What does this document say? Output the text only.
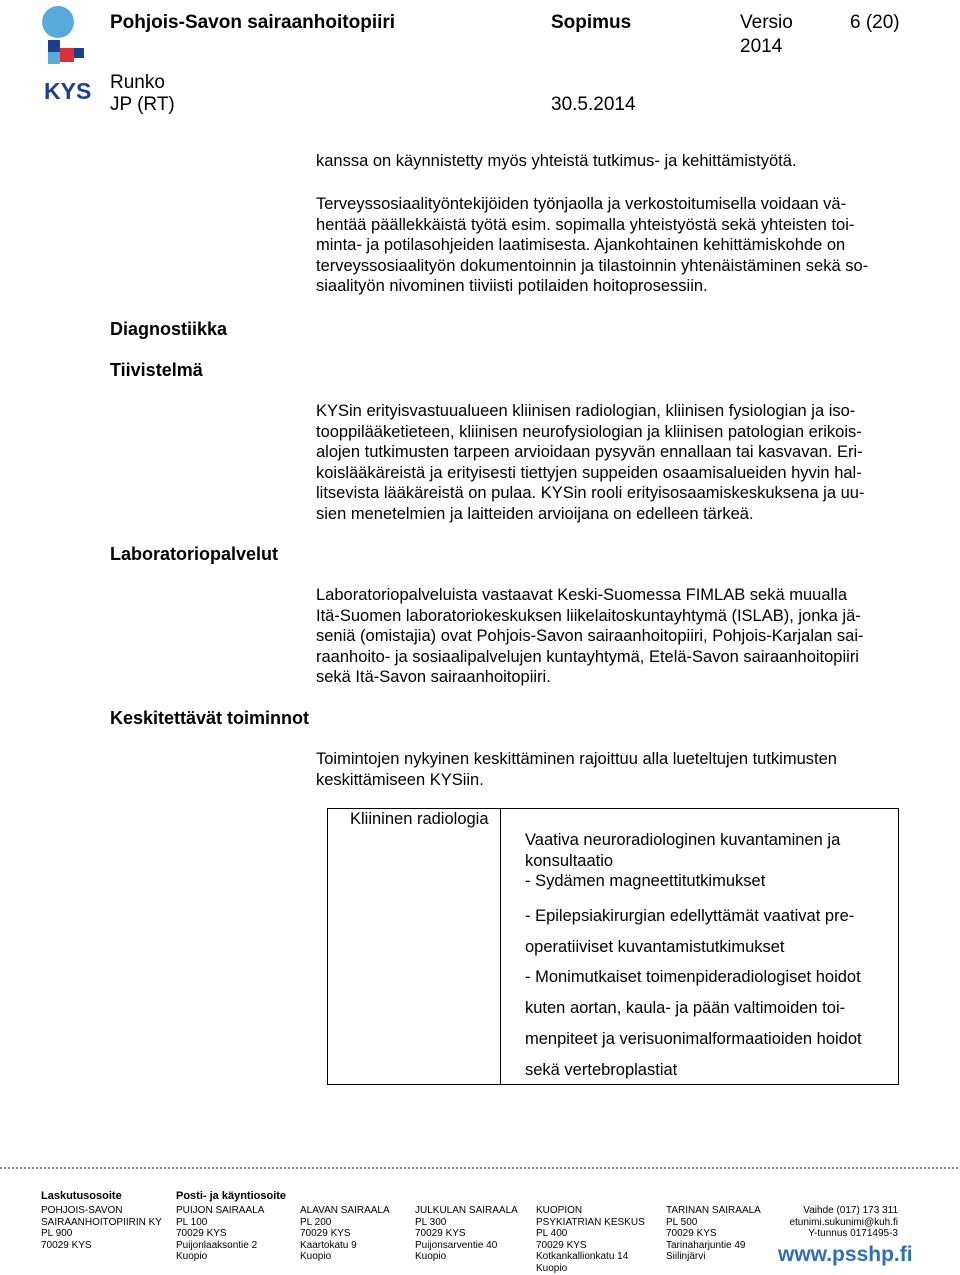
KYS
Pohjois-Savon sairaanhoitopiiri	Sopimus	Versio
2014
6 (20)
Runko
JP (RT)	30.5.2014
kanssa on käynnistetty myös yhteistä tutkimus- ja kehittämistyötä.
Terveyssosiaalityöntekijöiden työnjaolla ja verkostoitumisella voidaan vä-
hentää päällekkäistä työtä esim. sopimalla yhteistyöstä sekä yhteisten toi-
minta- ja potilasohjeiden laatimisesta. Ajankohtainen kehittämiskohde on
terveyssosiaalityön dokumentoinnin ja tilastoinnin yhtenäistäminen sekä so-
siaalityön nivominen tiiviisti potilaiden hoitoprosessiin.
Diagnostiikka
Tiivistelmä
KYSin erityisvastuualueen kliinisen radiologian, kliinisen fysiologian ja iso-
tooppilääketieteen, kliinisen neurofysiologian ja kliinisen patologian erikois-
alojen tutkimusten tarpeen arvioidaan pysyvän ennallaan tai kasvavan. Eri-
koislääkäreistä ja erityisesti tiettyjen suppeiden osaamisalueiden hyvin hal-
litsevista lääkäreistä on pulaa. KYSin rooli erityisosaamiskeskuksena ja uu-
sien menetelmien ja laitteiden arvioijana on edelleen tärkeä.
Laboratoriopalvelut
Laboratoriopalveluista vastaavat Keski-Suomessa FIMLAB sekä muualla
Itä-Suomen laboratoriokeskuksen liikelaitoskuntayhtymä (ISLAB), jonka jä-
seniä (omistajia) ovat Pohjois-Savon sairaanhoitopiiri, Pohjois-Karjalan sai-
raanhoito- ja sosiaalipalvelujen kuntayhtymä, Etelä-Savon sairaanhoitopiiri
sekä Itä-Savon sairaanhoitopiiri.
Keskitettävät toiminnot
Toimintojen nykyinen keskittäminen rajoittuu alla lueteltujen tutkimusten
keskittämiseen KYSiin.
Kliininen radiologia
Vaativa neuroradiologinen kuvantaminen ja
konsultaatio
- Sydämen magneettitutkimukset
- Epilepsiakirurgian edellyttämät vaativat pre-
operatiiviset kuvantamistutkimukset
- Monimutkaiset toimenpideradiologiset hoidot
kuten aortan, kaula- ja pään valtimoiden toi-
menpiteet ja verisuonimalformaatioiden hoidot
sekä vertebroplastiat
Laskutusosoite	Posti- ja käyntiosoite
POHJOIS-SAVON
SAIRAANHOITOPIIRIN KY
PL 900
70029 KYS
PUIJON SAIRAALA
PL 100
70029 KYS
Puijonlaaksontie 2
Kuopio
ALAVAN SAIRAALA
PL 200
70029 KYS
Kaartokatu 9
Kuopio
JULKULAN SAIRAALA
PL 300
70029 KYS
Puijonsarventie 40
Kuopio
KUOPION
PSYKIATRIAN KESKUS
PL 400
70029 KYS
Kotkankallionkatu 14
Kuopio
TARINAN SAIRAALA
PL 500
70029 KYS
Tarinaharjuntie 49
Siilinjärvi
Vaihde (017) 173 311
etunimi.sukunimi@kuh.fi
Y-tunnus 0171495-3
www.psshp.fi
